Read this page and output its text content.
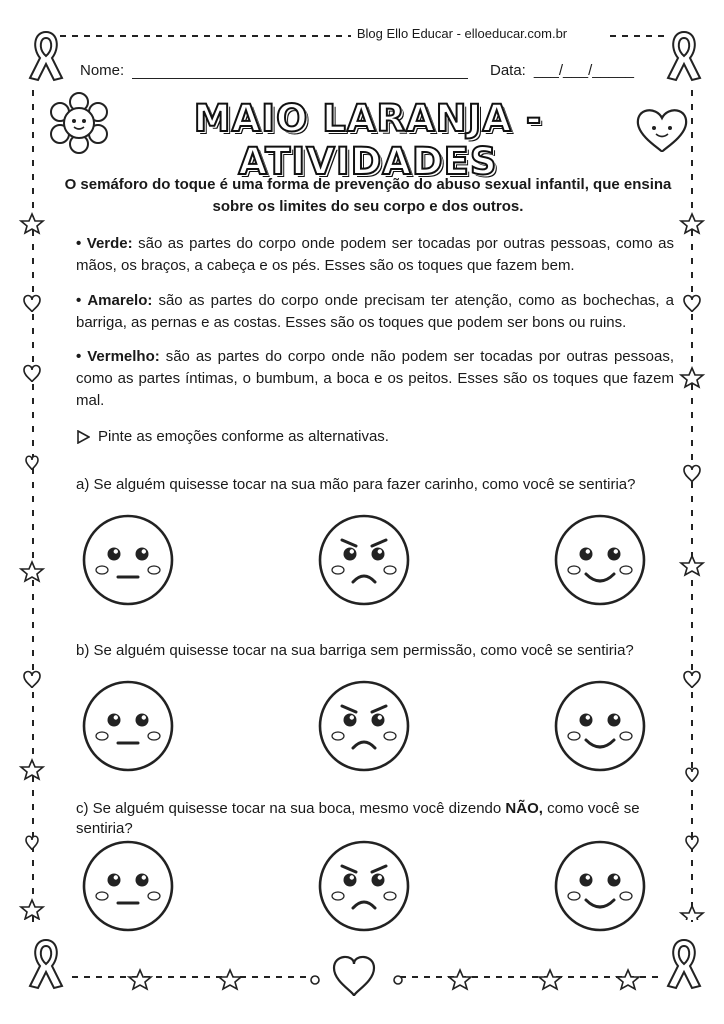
Blog Ello Educar - elloeducar.com.br
Nome:	Data: ___/___/_____
MAIO LARANJA - ATIVIDADES
O semáforo do toque é uma forma de prevenção do abuso sexual infantil, que ensina sobre os limites do seu corpo e dos outros.
• Verde: são as partes do corpo onde podem ser tocadas por outras pessoas, como as mãos, os braços, a cabeça e os pés. Esses são os toques que fazem bem.
• Amarelo: são as partes do corpo onde precisam ter atenção, como as bochechas, a barriga, as pernas e as costas. Esses são os toques que podem ser bons ou ruins.
• Vermelho: são as partes do corpo onde não podem ser tocadas por outras pessoas, como as partes íntimas, o bumbum, a boca e os peitos. Esses são os toques que fazem mal.
Pinte as emoções conforme as alternativas.
a) Se alguém quisesse tocar na sua mão para fazer carinho, como você se sentiria?
b) Se alguém quisesse tocar na sua barriga sem permissão, como você se sentiria?
c) Se alguém quisesse tocar na sua boca, mesmo você dizendo NÃO, como você se sentiria?
